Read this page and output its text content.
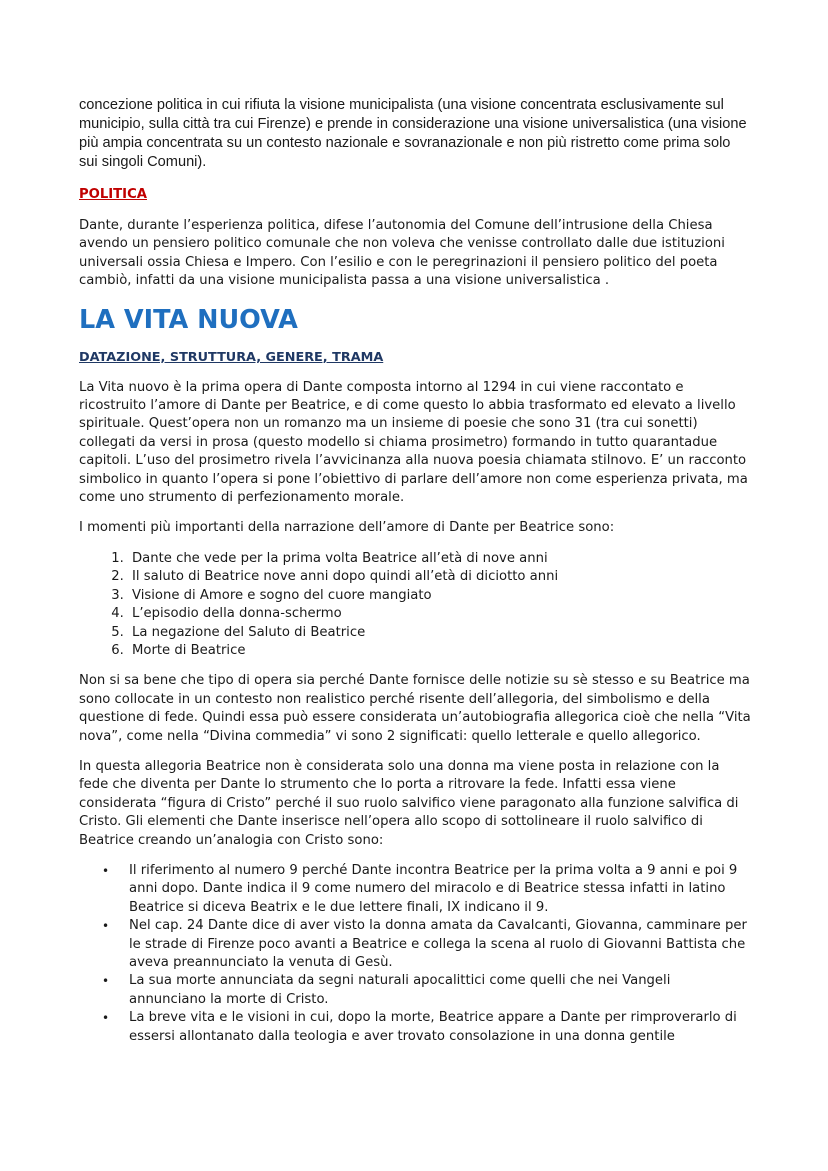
concezione politica in cui rifiuta la visione municipalista (una visione concentrata esclusivamente sul municipio, sulla città tra cui Firenze) e prende in considerazione una visione universalistica (una visione più ampia concentrata su un contesto nazionale e sovranazionale e non più ristretto come prima solo sui singoli Comuni).

POLITICA

Dante, durante l’esperienza politica, difese l’autonomia del Comune dell’intrusione della Chiesa avendo un pensiero politico comunale che non voleva che venisse controllato dalle due istituzioni universali ossia Chiesa e Impero. Con l’esilio e con le peregrinazioni il pensiero politico del poeta cambiò, infatti da una visione municipalista passa a una visione universalistica .

LA VITA NUOVA
DATAZIONE, STRUTTURA, GENERE, TRAMA

La Vita nuovo è la prima opera di Dante composta intorno al 1294 in cui viene raccontato e ricostruito l’amore di Dante per Beatrice, e di come questo lo abbia trasformato ed elevato a livello spirituale. Quest’opera non un romanzo ma un insieme di poesie che sono 31 (tra cui sonetti) collegati da versi in prosa (questo modello si chiama prosimetro) formando in tutto quarantadue capitoli. L’uso del prosimetro rivela l’avvicinanza alla nuova poesia chiamata stilnovo. E’ un racconto simbolico in quanto l’opera si pone l’obiettivo di parlare dell’amore non come esperienza privata, ma come uno strumento di perfezionamento morale.

I momenti più importanti della narrazione dell’amore di Dante per Beatrice sono:

1. Dante che vede per la prima volta Beatrice all’età di nove anni
2. Il saluto di Beatrice nove anni dopo quindi all’età di diciotto anni
3. Visione di Amore e sogno del cuore mangiato
4. L’episodio della donna-schermo
5. La negazione del Saluto di Beatrice
6. Morte di Beatrice

Non si sa bene che tipo di opera sia perché Dante fornisce delle notizie su sè stesso e su Beatrice ma sono collocate in un contesto non realistico perché risente dell’allegoria, del simbolismo e della questione di fede. Quindi essa può essere considerata un’autobiografia allegorica cioè che nella “Vita nova”, come nella “Divina commedia” vi sono 2 significati: quello letterale e quello allegorico.

In questa allegoria Beatrice non è considerata solo una donna ma viene posta in relazione con la fede che diventa per Dante lo strumento che lo porta a ritrovare la fede. Infatti essa viene considerata “figura di Cristo” perché il suo ruolo salvifico viene paragonato alla funzione salvifica di Cristo. Gli elementi che Dante inserisce nell’opera allo scopo di sottolineare il ruolo salvifico di Beatrice creando un’analogia con Cristo sono:

• Il riferimento al numero 9 perché Dante incontra Beatrice per la prima volta a 9 anni e poi 9 anni dopo. Dante indica il 9 come numero del miracolo e di Beatrice stessa infatti in latino Beatrice si diceva Beatrix e le due lettere finali, IX indicano il 9.
• Nel cap. 24 Dante dice di aver visto la donna amata da Cavalcanti, Giovanna, camminare per le strade di Firenze poco avanti a Beatrice e collega la scena al ruolo di Giovanni Battista che aveva preannunciato la venuta di Gesù.
• La sua morte annunciata da segni naturali apocalittici come quelli che nei Vangeli annunciano la morte di Cristo.
• La breve vita e le visioni in cui, dopo la morte, Beatrice appare a Dante per rimproverarlo di essersi allontanato dalla teologia e aver trovato consolazione in una donna gentile
